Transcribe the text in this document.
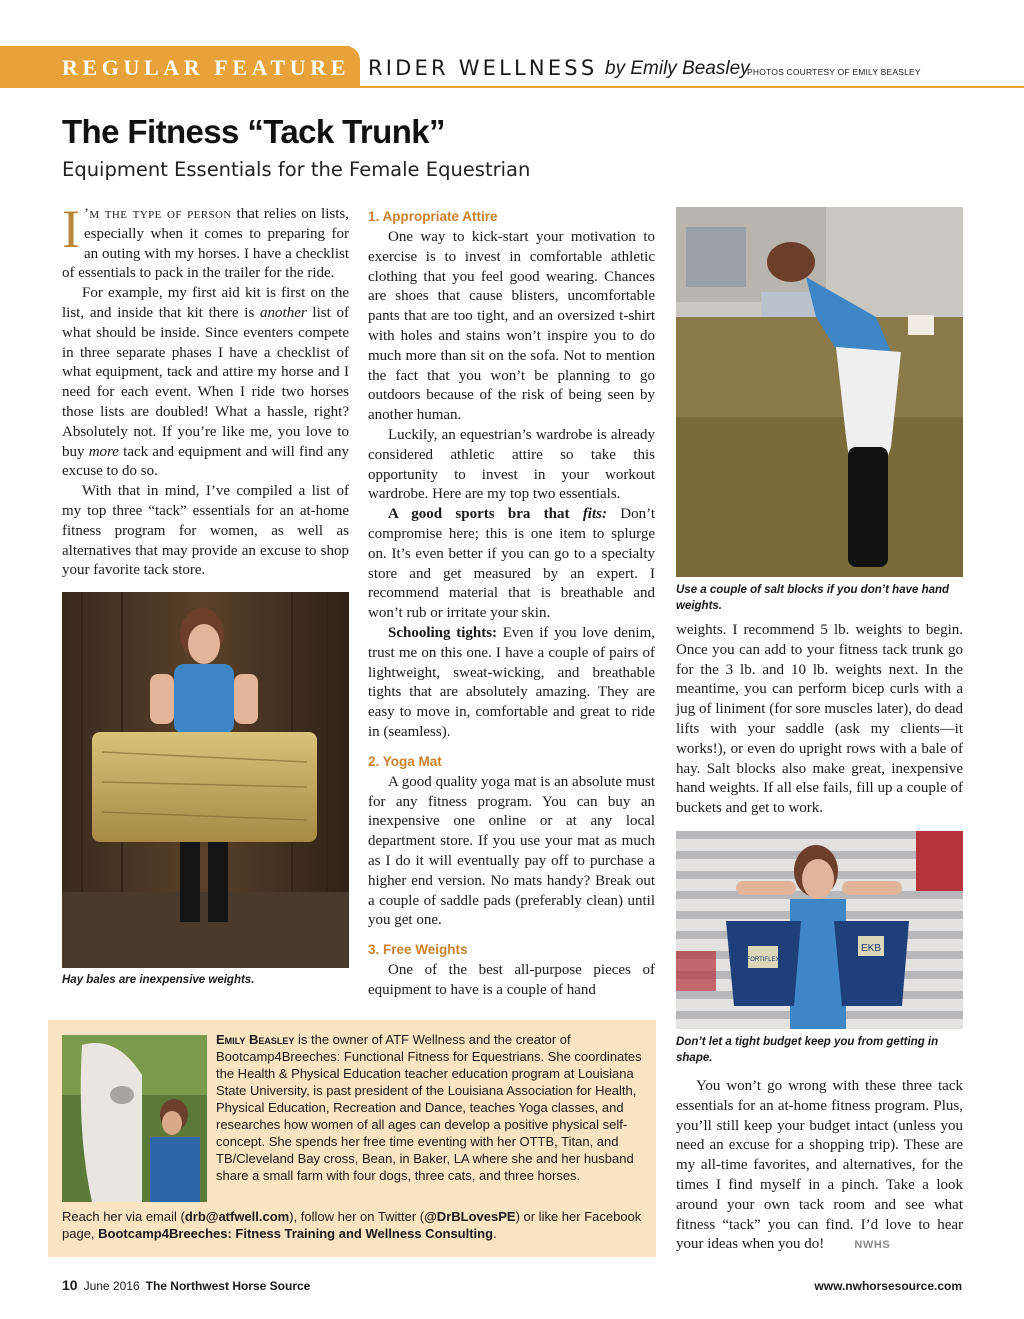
REGULAR FEATURE RIDER WELLNESS by Emily Beasley
PHOTOS COURTESY OF EMILY BEASLEY
The Fitness “Tack Trunk”
Equipment Essentials for the Female Equestrian

I ’m the type of person that relies on lists, especially when it comes to preparing for an outing with my horses. I have a checklist of essentials to pack in the trailer for the ride.

For example, my first aid kit is first on the list, and inside that kit there is another list of what should be inside. Since eventers compete in three separate phases I have a checklist of what equipment, tack and attire my horse and I need for each event. When I ride two horses those lists are doubled! What a hassle, right? Absolutely not. If you’re like me, you love to buy more tack and equipment and will find any excuse to do so.

With that in mind, I’ve compiled a list of my top three “tack” essentials for an at-home fitness program for women, as well as alternatives that may provide an excuse to shop your favorite tack store.

Hay bales are inexpensive weights.
1. Appropriate Attire

One way to kick-start your motivation to exercise is to invest in comfortable athletic clothing that you feel good wearing. Chances are shoes that cause blisters, uncomfortable pants that are too tight, and an oversized t-shirt with holes and stains won’t inspire you to do much more than sit on the sofa. Not to mention the fact that you won’t be planning to go outdoors because of the risk of being seen by another human.

Luckily, an equestrian’s wardrobe is already considered athletic attire so take this opportunity to invest in your workout wardrobe. Here are my top two essentials.

A good sports bra that fits: Don’t compromise here; this is one item to splurge on. It’s even better if you can go to a specialty store and get measured by an expert. I recommend material that is breathable and won’t rub or irritate your skin.

Schooling tights: Even if you love denim, trust me on this one. I have a couple of pairs of lightweight, sweat-wicking, and breathable tights that are absolutely amazing. They are easy to move in, comfortable and great to ride in (seamless).

2. Yoga Mat

A good quality yoga mat is an absolute must for any fitness program. You can buy an inexpensive one online or at any local department store. If you use your mat as much as I do it will eventually pay off to purchase a higher end version. No mats handy? Break out a couple of saddle pads (preferably clean) until you get one.

3. Free Weights

One of the best all-purpose pieces of equipment to have is a couple of hand

Use a couple of salt blocks if you don’t have hand weights.

weights. I recommend 5 lb. weights to begin. Once you can add to your fitness tack trunk go for the 3 lb. and 10 lb. weights next. In the meantime, you can perform bicep curls with a jug of liniment (for sore muscles later), do dead lifts with your saddle (ask my clients—it works!), or even do upright rows with a bale of hay. Salt blocks also make great, inexpensive hand weights. If all else fails, fill up a couple of buckets and get to work.

EKB
FORTIFLEX
Don’t let a tight budget keep you from getting in shape.

You won’t go wrong with these three tack essentials for an at-home fitness program. Plus, you’ll still keep your budget intact (unless you need an excuse for a shopping trip). These are my all-time favorites, and alternatives, for the times I find myself in a pinch. Take a look around your own tack room and see what fitness “tack” you can find. I’d love to hear your ideas when you do!	NWHS

Emily Beasley is the owner of ATF Wellness and the creator of Bootcamp4Breeches: Functional Fitness for Equestrians. She coordinates the Health & Physical Education teacher education program at Louisiana State University, is past president of the Louisiana Association for Health, Physical Education, Recreation and Dance, teaches Yoga classes, and researches how women of all ages can develop a positive physical self-concept. She spends her free time eventing with her OTTB, Titan, and TB/Cleveland Bay cross, Bean, in Baker, LA where she and her husband share a small farm with four dogs, three cats, and three horses.
Reach her via email (drb@atfwell.com), follow her on Twitter (@DrBLovesPE) or like her Facebook page, Bootcamp4Breeches: Fitness Training and Wellness Consulting.
10 June 2016 The Northwest Horse Source	www.nwhorsesource.com
